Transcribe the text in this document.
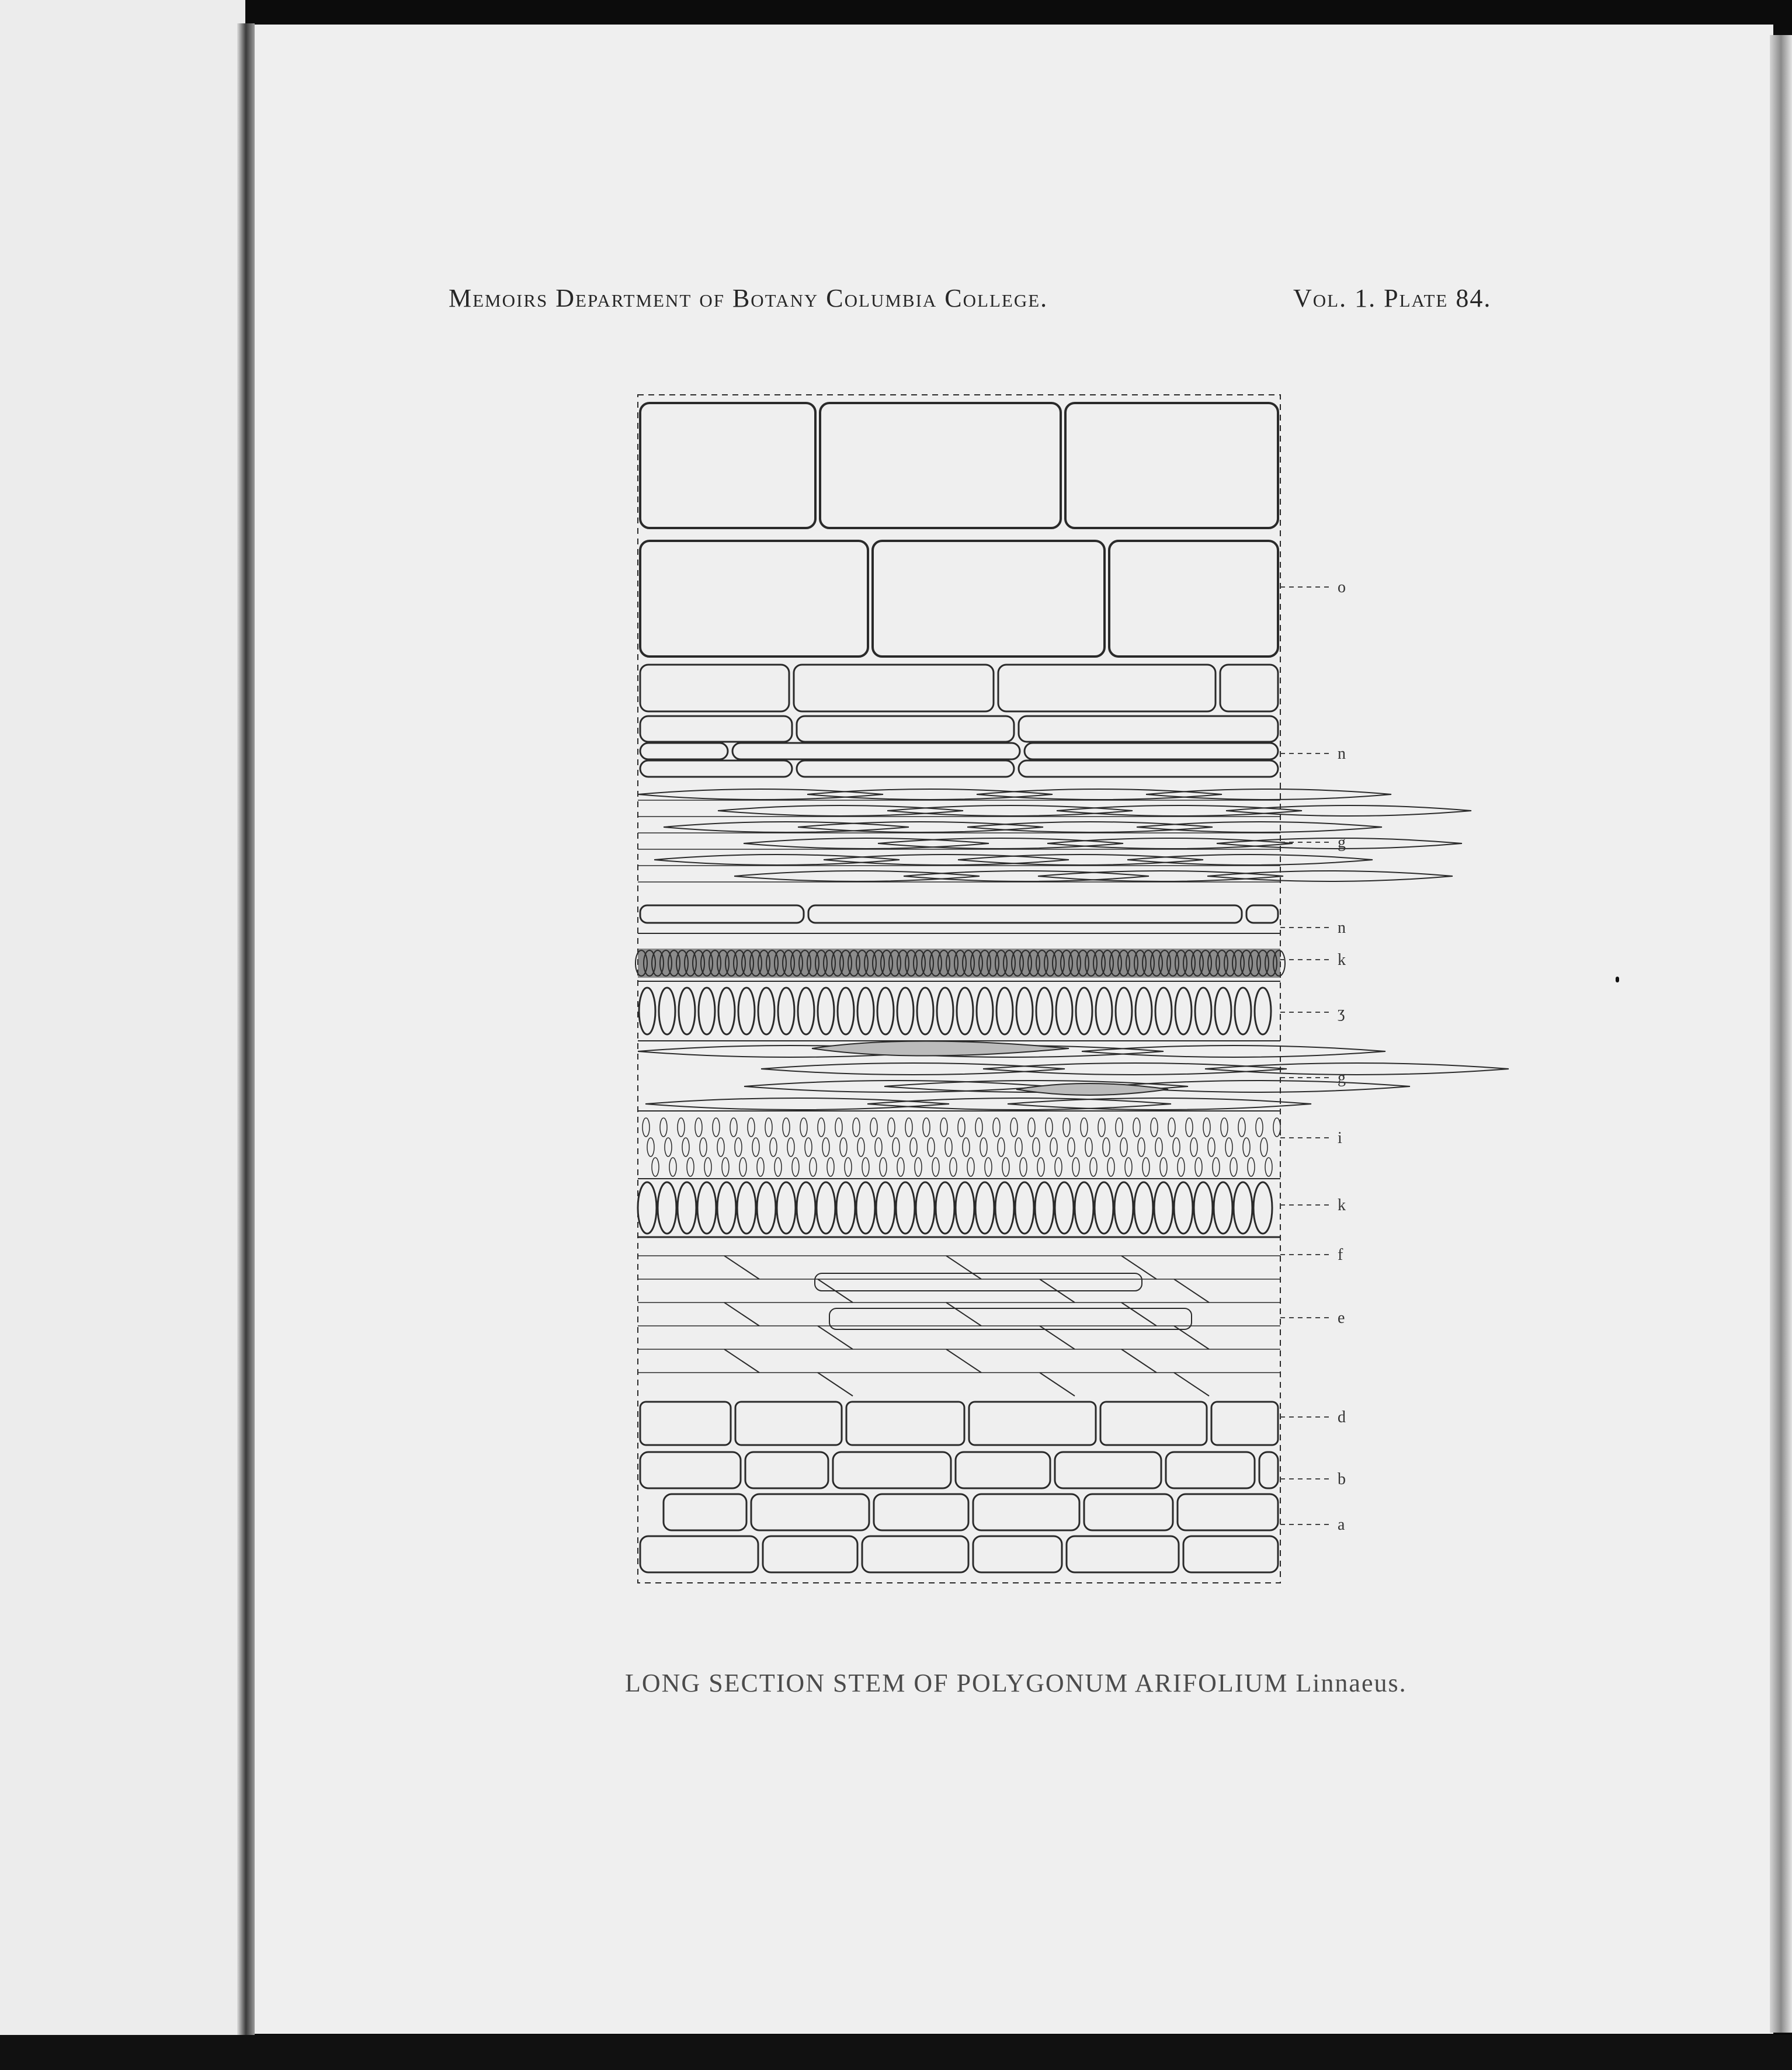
Memoirs Department of Botany Columbia College.	Vol. 1. Plate 84.
o
n
g
n
k
ʒ
g
i
k
f
e
d
b
a
LONG SECTION STEM OF POLYGONUM ARIFOLIUM Linnaeus.
